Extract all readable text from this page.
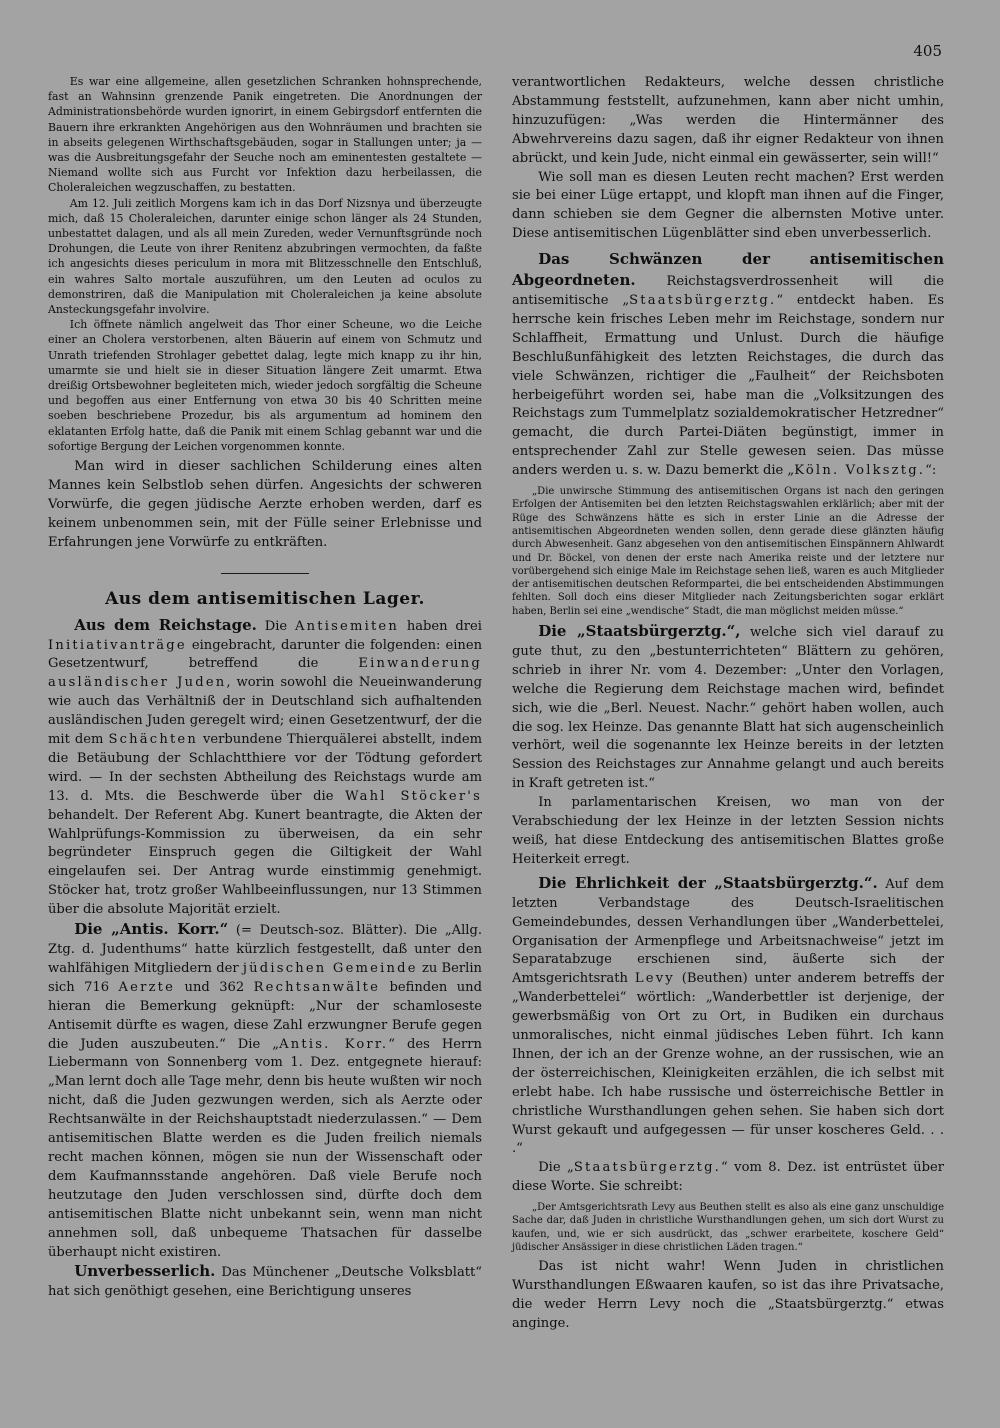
405

Es war eine allgemeine, allen gesetzlichen Schranken hohnsprechende, fast an Wahnsinn grenzende Panik eingetreten. Die Anordnungen der Administrationsbehörde wurden ignorirt, in einem Gebirgsdorf entfernten die Bauern ihre erkrankten Angehörigen aus den Wohnräumen und brachten sie in abseits gelegenen Wirthschaftsgebäuden, sogar in Stallungen unter; ja — was die Ausbreitungsgefahr der Seuche noch am eminentesten gestaltete — Niemand wollte sich aus Furcht vor Infektion dazu herbeilassen, die Choleraleichen wegzuschaffen, zu bestatten.

Am 12. Juli zeitlich Morgens kam ich in das Dorf Nizsnya und überzeugte mich, daß 15 Choleraleichen, darunter einige schon länger als 24 Stunden, unbestattet dalagen, und als all mein Zureden, weder Vernunftsgründe noch Drohungen, die Leute von ihrer Renitenz abzubringen vermochten, da faßte ich angesichts dieses periculum in mora mit Blitzesschnelle den Entschluß, ein wahres Salto mortale auszuführen, um den Leuten ad oculos zu demonstriren, daß die Manipulation mit Choleraleichen ja keine absolute Ansteckungsgefahr involvire.

Ich öffnete nämlich angelweit das Thor einer Scheune, wo die Leiche einer an Cholera verstorbenen, alten Bäuerin auf einem von Schmutz und Unrath triefenden Strohlager gebettet dalag, legte mich knapp zu ihr hin, umarmte sie und hielt sie in dieser Situation längere Zeit umarmt. Etwa dreißig Ortsbewohner begleiteten mich, wieder jedoch sorgfältig die Scheune und begoffen aus einer Entfernung von etwa 30 bis 40 Schritten meine soeben beschriebene Prozedur, bis als argumentum ad hominem den eklatanten Erfolg hatte, daß die Panik mit einem Schlag gebannt war und die sofortige Bergung der Leichen vorgenommen konnte.

Man wird in dieser sachlichen Schilderung eines alten Mannes kein Selbstlob sehen dürfen. Angesichts der schweren Vorwürfe, die gegen jüdische Aerzte erhoben werden, darf es keinem unbenommen sein, mit der Fülle seiner Erlebnisse und Erfahrungen jene Vorwürfe zu entkräften.

Aus dem antisemitischen Lager.

Aus dem Reichstage. Die Antisemiten haben drei Initiativanträge eingebracht, darunter die folgenden: einen Gesetzentwurf, betreffend die Einwanderung ausländischer Juden, worin sowohl die Neueinwanderung wie auch das Verhältniß der in Deutschland sich aufhaltenden ausländischen Juden geregelt wird; einen Gesetzentwurf, der die mit dem Schächten verbundene Thierquälerei abstellt, indem die Betäubung der Schlachtthiere vor der Tödtung gefordert wird. — In der sechsten Abtheilung des Reichstags wurde am 13. d. Mts. die Beschwerde über die Wahl Stöcker's behandelt. Der Referent Abg. Kunert beantragte, die Akten der Wahlprüfungs-Kommission zu überweisen, da ein sehr begründeter Einspruch gegen die Giltigkeit der Wahl eingelaufen sei. Der Antrag wurde einstimmig genehmigt. Stöcker hat, trotz großer Wahlbeeinflussungen, nur 13 Stimmen über die absolute Majorität erzielt.

Die „Antis. Korr.“ (= Deutsch-soz. Blätter). Die „Allg. Ztg. d. Judenthums“ hatte kürzlich festgestellt, daß unter den wahlfähigen Mitgliedern der jüdischen Gemeinde zu Berlin sich 716 Aerzte und 362 Rechtsanwälte befinden und hieran die Bemerkung geknüpft: „Nur der schamloseste Antisemit dürfte es wagen, diese Zahl erzwungner Berufe gegen die Juden auszubeuten.“ Die „Antis. Korr.“ des Herrn Liebermann von Sonnenberg vom 1. Dez. entgegnete hierauf: „Man lernt doch alle Tage mehr, denn bis heute wußten wir noch nicht, daß die Juden gezwungen werden, sich als Aerzte oder Rechtsanwälte in der Reichshauptstadt niederzulassen.“ — Dem antisemitischen Blatte werden es die Juden freilich niemals recht machen können, mögen sie nun der Wissenschaft oder dem Kaufmannsstande angehören. Daß viele Berufe noch heutzutage den Juden verschlossen sind, dürfte doch dem antisemitischen Blatte nicht unbekannt sein, wenn man nicht annehmen soll, daß unbequeme Thatsachen für dasselbe überhaupt nicht existiren.

Unverbesserlich. Das Münchener „Deutsche Volksblatt“ hat sich genöthigt gesehen, eine Berichtigung unseres

verantwortlichen Redakteurs, welche dessen christliche Abstammung feststellt, aufzunehmen, kann aber nicht umhin, hinzuzufügen: „Was werden die Hintermänner des Abwehrvereins dazu sagen, daß ihr eigner Redakteur von ihnen abrückt, und kein Jude, nicht einmal ein gewässerter, sein will!“

Wie soll man es diesen Leuten recht machen? Erst werden sie bei einer Lüge ertappt, und klopft man ihnen auf die Finger, dann schieben sie dem Gegner die albernsten Motive unter. Diese antisemitischen Lügenblätter sind eben unverbesserlich.

Das Schwänzen der antisemitischen Abgeordneten. Reichstagsverdrossenheit will die antisemitische „Staatsbürgerztg.“ entdeckt haben. Es herrsche kein frisches Leben mehr im Reichstage, sondern nur Schlaffheit, Ermattung und Unlust. Durch die häufige Beschlußunfähigkeit des letzten Reichstages, die durch das viele Schwänzen, richtiger die „Faulheit“ der Reichsboten herbeigeführt worden sei, habe man die „Volksitzungen des Reichstags zum Tummelplatz sozialdemokratischer Hetzredner“ gemacht, die durch Partei-Diäten begünstigt, immer in entsprechender Zahl zur Stelle gewesen seien. Das müsse anders werden u. s. w. Dazu bemerkt die „Köln. Volksztg.“:

„Die unwirsche Stimmung des antisemitischen Organs ist nach den geringen Erfolgen der Antisemiten bei den letzten Reichstagswahlen erklärlich; aber mit der Rüge des Schwänzens hätte es sich in erster Linie an die Adresse der antisemitischen Abgeordneten wenden sollen, denn gerade diese glänzten häufig durch Abwesenheit. Ganz abgesehen von den antisemitischen Einspännern Ahlwardt und Dr. Böckel, von denen der erste nach Amerika reiste und der letztere nur vorübergehend sich einige Male im Reichstage sehen ließ, waren es auch Mitglieder der antisemitischen deutschen Reformpartei, die bei entscheidenden Abstimmungen fehlten. Soll doch eins dieser Mitglieder nach Zeitungsberichten sogar erklärt haben, Berlin sei eine „wendische“ Stadt, die man möglichst meiden müsse.“

Die „Staatsbürgerztg.“, welche sich viel darauf zu gute thut, zu den „bestunterrichteten“ Blättern zu gehören, schrieb in ihrer Nr. vom 4. Dezember: „Unter den Vorlagen, welche die Regierung dem Reichstage machen wird, befindet sich, wie die „Berl. Neuest. Nachr.“ gehört haben wollen, auch die sog. lex Heinze. Das genannte Blatt hat sich augenscheinlich verhört, weil die sogenannte lex Heinze bereits in der letzten Session des Reichstages zur Annahme gelangt und auch bereits in Kraft getreten ist.“

In parlamentarischen Kreisen, wo man von der Verabschiedung der lex Heinze in der letzten Session nichts weiß, hat diese Entdeckung des antisemitischen Blattes große Heiterkeit erregt.

Die Ehrlichkeit der „Staatsbürgerztg.“. Auf dem letzten Verbandstage des Deutsch-Israelitischen Gemeindebundes, dessen Verhandlungen über „Wanderbettelei, Organisation der Armenpflege und Arbeitsnachweise“ jetzt im Separatabzuge erschienen sind, äußerte sich der Amtsgerichtsrath Levy (Beuthen) unter anderem betreffs der „Wanderbettelei“ wörtlich: „Wanderbettler ist derjenige, der gewerbsmäßig von Ort zu Ort, in Budiken ein durchaus unmoralisches, nicht einmal jüdisches Leben führt. Ich kann Ihnen, der ich an der Grenze wohne, an der russischen, wie an der österreichischen, Kleinigkeiten erzählen, die ich selbst mit erlebt habe. Ich habe russische und österreichische Bettler in christliche Wursthandlungen gehen sehen. Sie haben sich dort Wurst gekauft und aufgegessen — für unser koscheres Geld. . . .“

Die „Staatsbürgerztg.“ vom 8. Dez. ist entrüstet über diese Worte. Sie schreibt:

„Der Amtsgerichtsrath Levy aus Beuthen stellt es also als eine ganz unschuldige Sache dar, daß Juden in christliche Wursthandlungen gehen, um sich dort Wurst zu kaufen, und, wie er sich ausdrückt, das „schwer erarbeitete, koschere Geld“ jüdischer Ansässiger in diese christlichen Läden tragen.“

Das ist nicht wahr! Wenn Juden in christlichen Wursthandlungen Eßwaaren kaufen, so ist das ihre Privatsache, die weder Herrn Levy noch die „Staatsbürgerztg.“ etwas anginge.
